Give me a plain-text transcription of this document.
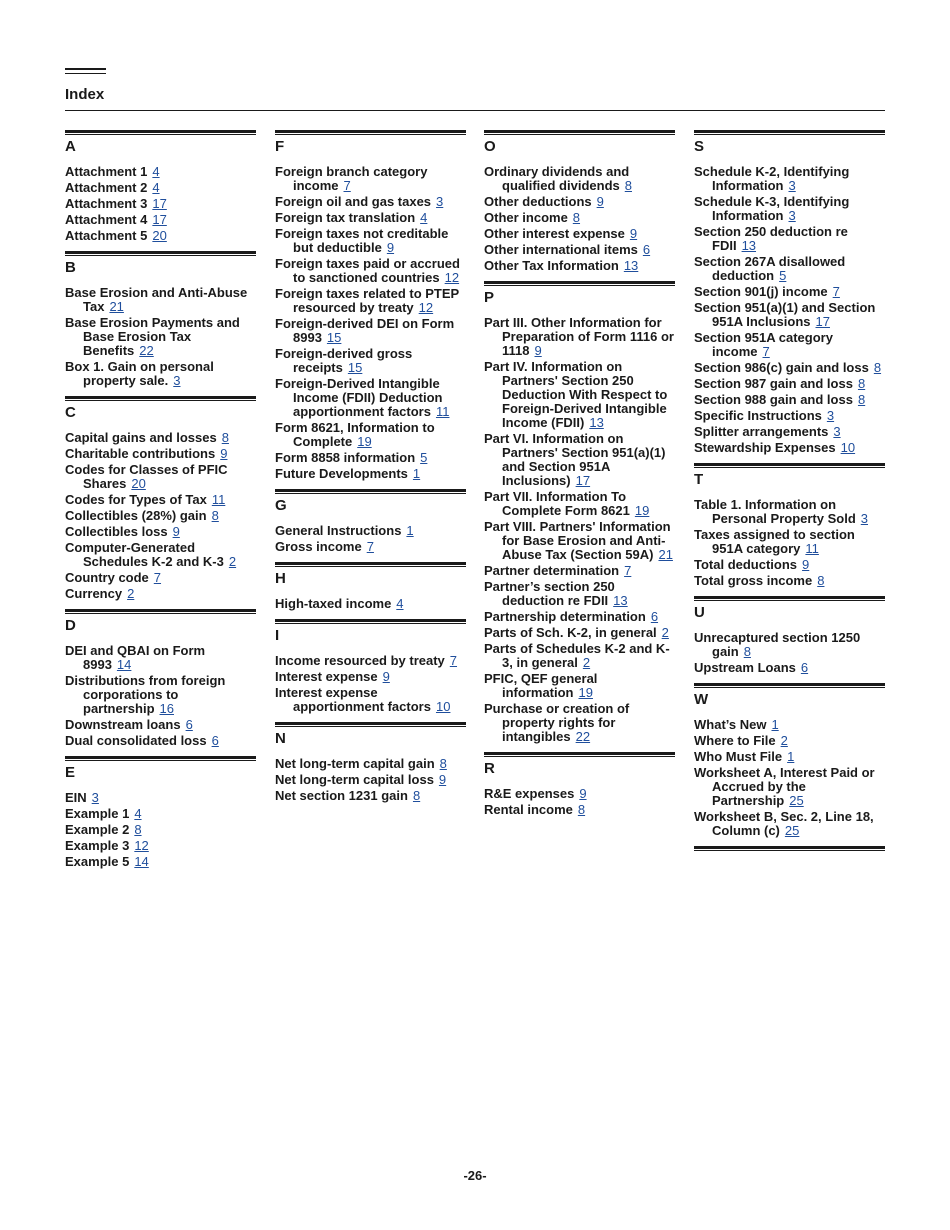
Index
A
Attachment 1 4
Attachment 2 4
Attachment 3 17
Attachment 4 17
Attachment 5 20
B
Base Erosion and Anti-Abuse Tax 21
Base Erosion Payments and Base Erosion Tax Benefits 22
Box 1. Gain on personal property sale. 3
C
Capital gains and losses 8
Charitable contributions 9
Codes for Classes of PFIC Shares 20
Codes for Types of Tax 11
Collectibles (28%) gain 8
Collectibles loss 9
Computer-Generated Schedules K-2 and K-3 2
Country code 7
Currency 2
D
DEI and QBAI on Form 8993 14
Distributions from foreign corporations to partnership 16
Downstream loans 6
Dual consolidated loss 6
E
EIN 3
Example 1 4
Example 2 8
Example 3 12
Example 5 14
F
Foreign branch category income 7
Foreign oil and gas taxes 3
Foreign tax translation 4
Foreign taxes not creditable but deductible 9
Foreign taxes paid or accrued to sanctioned countries 12
Foreign taxes related to PTEP resourced by treaty 12
Foreign-derived DEI on Form 8993 15
Foreign-derived gross receipts 15
Foreign-Derived Intangible Income (FDII) Deduction apportionment factors 11
Form 8621, Information to Complete 19
Form 8858 information 5
Future Developments 1
G
General Instructions 1
Gross income 7
H
High-taxed income 4
I
Income resourced by treaty 7
Interest expense 9
Interest expense apportionment factors 10
N
Net long-term capital gain 8
Net long-term capital loss 9
Net section 1231 gain 8
O
Ordinary dividends and qualified dividends 8
Other deductions 9
Other income 8
Other interest expense 9
Other international items 6
Other Tax Information 13
P
Part III. Other Information for Preparation of Form 1116 or 1118 9
Part IV. Information on Partners' Section 250 Deduction With Respect to Foreign-Derived Intangible Income (FDII) 13
Part VI. Information on Partners' Section 951(a)(1) and Section 951A Inclusions) 17
Part VII. Information To Complete Form 8621 19
Part VIII. Partners' Information for Base Erosion and Anti-Abuse Tax (Section 59A) 21
Partner determination 7
Partner’s section 250 deduction re FDII 13
Partnership determination 6
Parts of Sch. K-2, in general 2
Parts of Schedules K-2 and K-3, in general 2
PFIC, QEF general information 19
Purchase or creation of property rights for intangibles 22
R
R&E expenses 9
Rental income 8
S
Schedule K-2, Identifying Information 3
Schedule K-3, Identifying Information 3
Section 250 deduction re FDII 13
Section 267A disallowed deduction 5
Section 901(j) income 7
Section 951(a)(1) and Section 951A Inclusions 17
Section 951A category income 7
Section 986(c) gain and loss 8
Section 987 gain and loss 8
Section 988 gain and loss 8
Specific Instructions 3
Splitter arrangements 3
Stewardship Expenses 10
T
Table 1. Information on Personal Property Sold 3
Taxes assigned to section 951A category 11
Total deductions 9
Total gross income 8
U
Unrecaptured section 1250 gain 8
Upstream Loans 6
W
What’s New 1
Where to File 2
Who Must File 1
Worksheet A, Interest Paid or Accrued by the Partnership 25
Worksheet B, Sec. 2, Line 18, Column (c) 25
-26-
